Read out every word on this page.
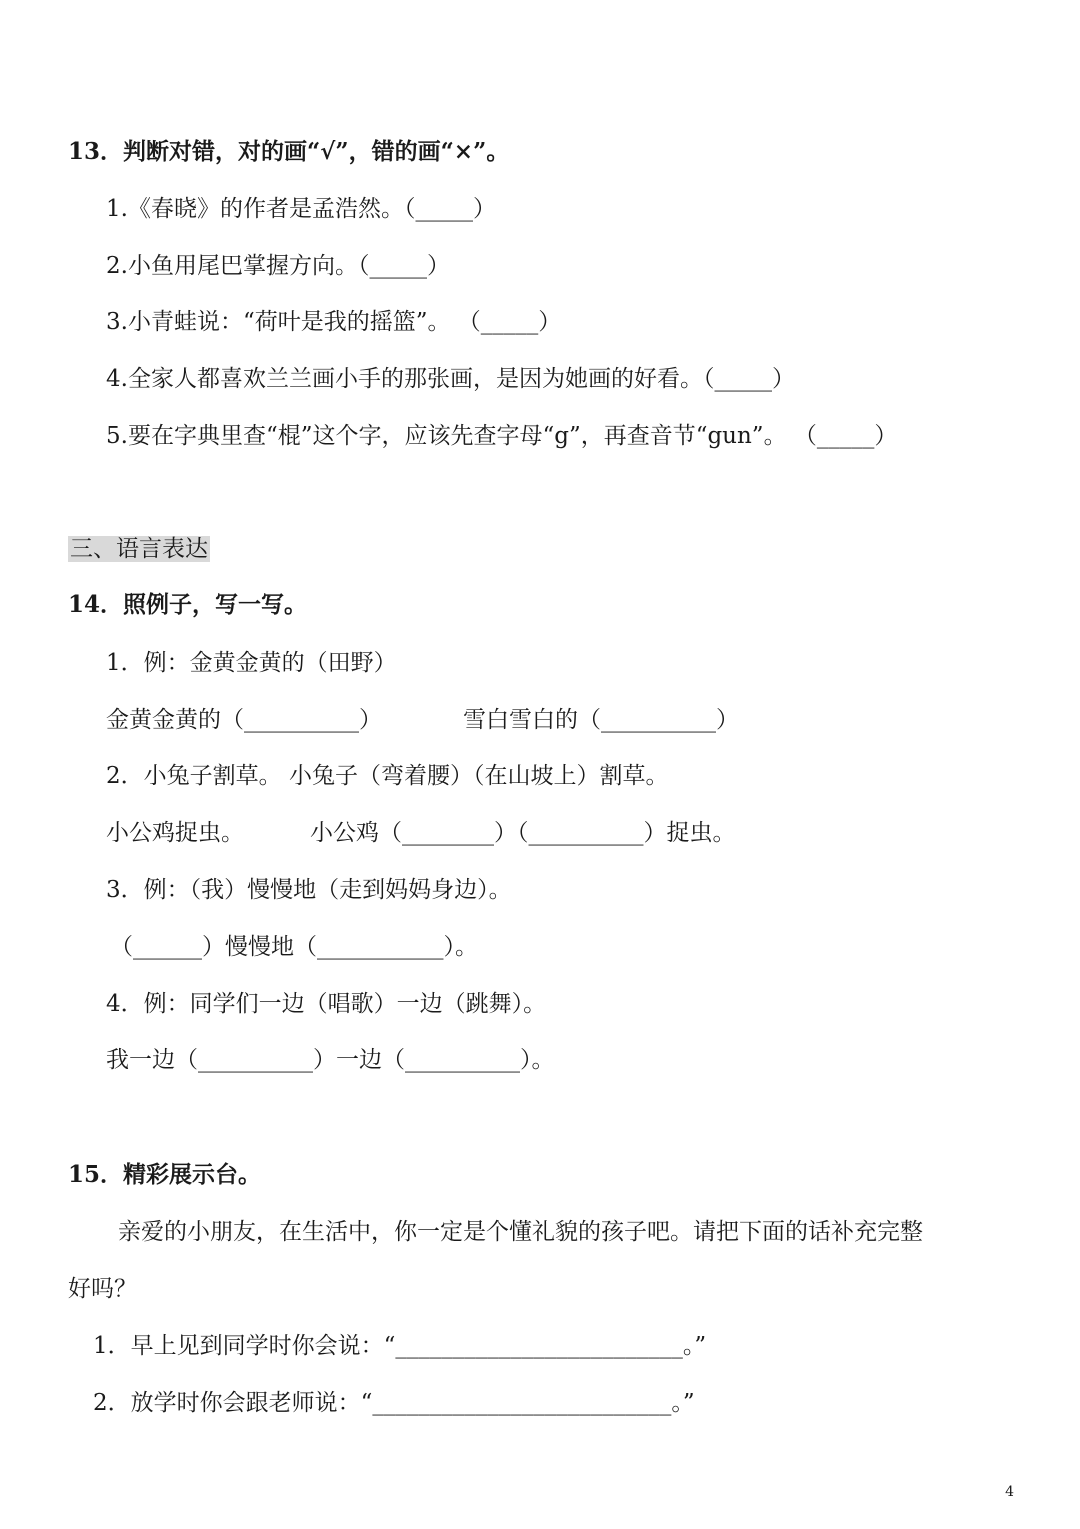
13．判断对错，对的画“√”，错的画“×”。
1.《春晓》的作者是孟浩然。（_____）
2.小鱼用尾巴掌握方向。（_____）
3.小青蛙说：“荷叶是我的摇篮”。 （_____）
4.全家人都喜欢兰兰画小手的那张画，是因为她画的好看。（_____）
5.要在字典里查“棍”这个字，应该先查字母“g”，再查音节“gun”。 （_____）
三、语言表达
14．照例子，写一写。
1．例：金黄金黄的（田野）
金黄金黄的（__________）	雪白雪白的（__________）
2．小兔子割草。 小兔子（弯着腰）（在山坡上）割草。
小公鸡捉虫。	小公鸡（________）（__________）捉虫。
3．例：（我）慢慢地（走到妈妈身边）。
（______）慢慢地（___________）。
4．例：同学们一边（唱歌）一边（跳舞）。
我一边（__________）一边（__________）。
15．精彩展示台。
亲爱的小朋友，在生活中，你一定是个懂礼貌的孩子吧。请把下面的话补充完整
好吗？
1．早上见到同学时你会说：“_________________________。”
2．放学时你会跟老师说：“__________________________。”
4
